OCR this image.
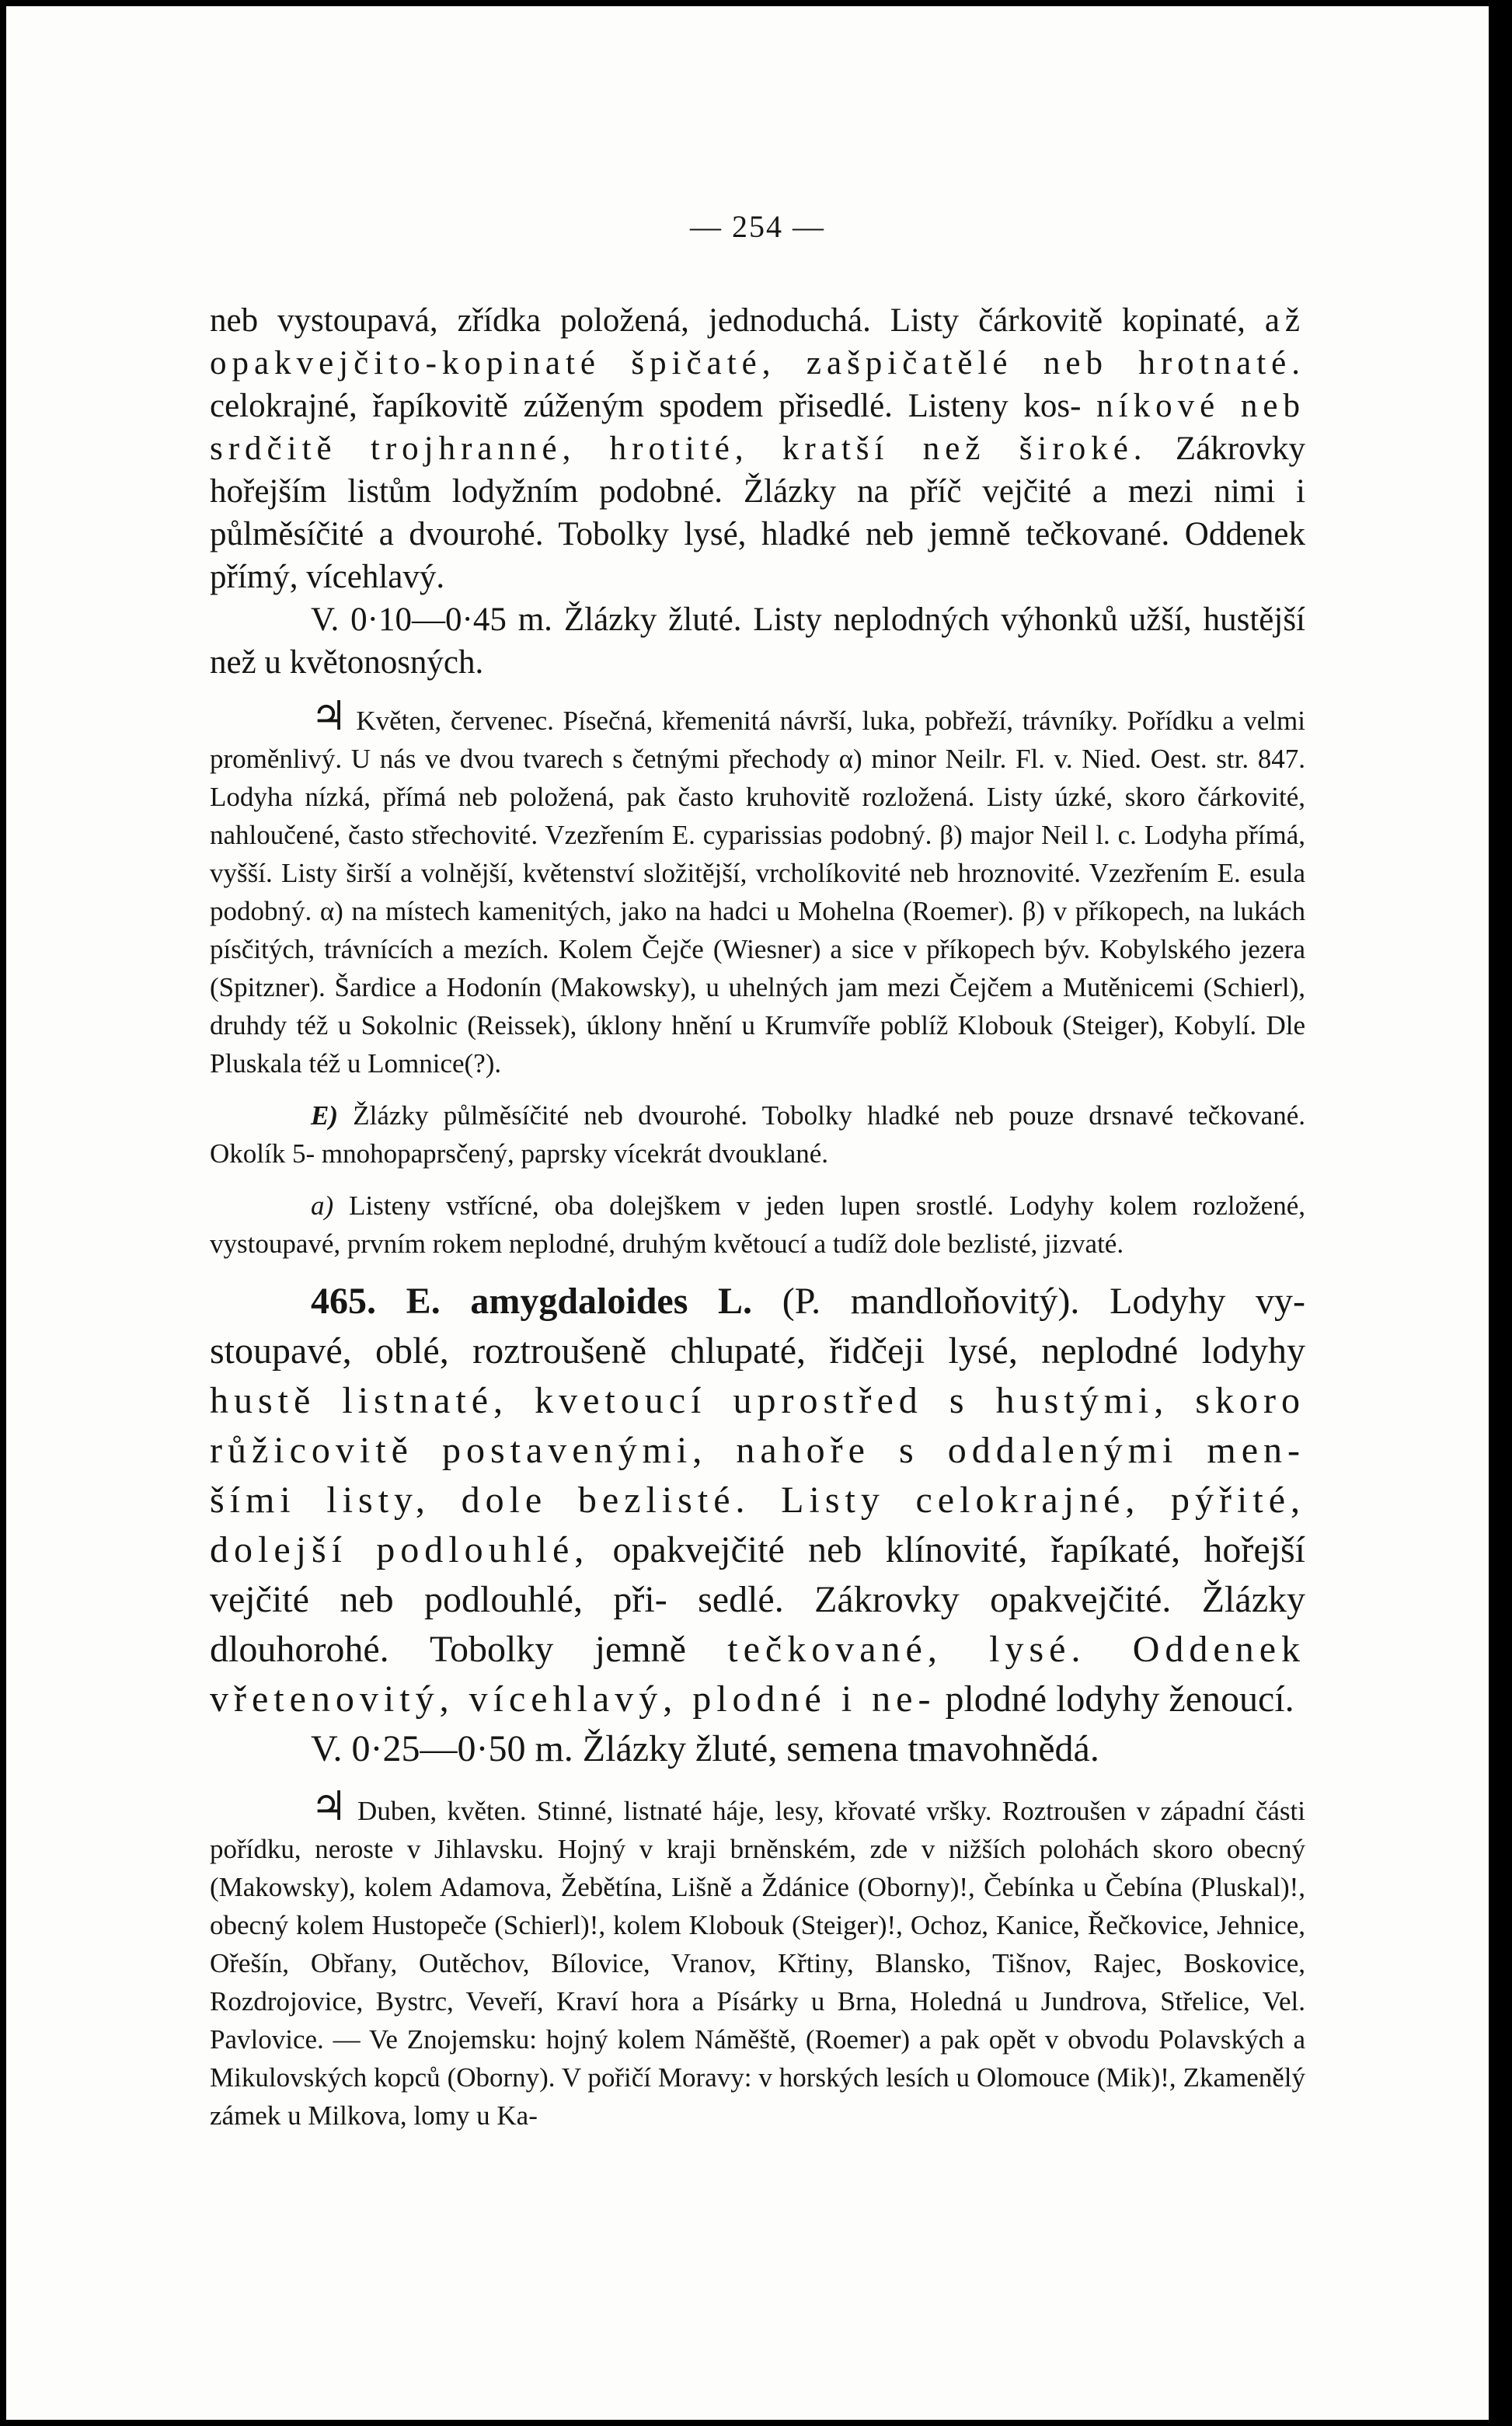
— 254 —

neb vystoupavá, zřídka položená, jednoduchá. Listy čárkovitě kopinaté, až opakvejčito-kopinaté špičaté, zašpičatělé neb hrotnaté. celokrajné, řapíkovitě zúženým spodem přisedlé. Listeny kos- níkové neb srdčitě trojhranné, hrotité, kratší než široké. Zákrovky hořejším listům lodyžním podobné. Žlázky na příč vejčité a mezi nimi i půlměsíčité a dvourohé. Tobolky lysé, hladké neb jemně tečkované. Oddenek přímý, vícehlavý.

V. 0·10—0·45 m. Žlázky žluté. Listy neplodných výhonků užší, hustější než u květonosných.

♃ Květen, červenec. Písečná, křemenitá návrší, luka, pobřeží, trávníky. Pořídku a velmi proměnlivý. U nás ve dvou tvarech s četnými přechody α) minor Neilr. Fl. v. Nied. Oest. str. 847. Lodyha nízká, přímá neb položená, pak často kruhovitě rozložená. Listy úzké, skoro čárkovité, nahloučené, často střechovité. Vzezřením E. cyparissias podobný. β) major Neil l. c. Lodyha přímá, vyšší. Listy širší a volnější, květenství složitější, vrcholíkovité neb hroznovité. Vzezřením E. esula podobný. α) na místech kamenitých, jako na hadci u Mohelna (Roemer). β) v příkopech, na lukách písčitých, trávnících a mezích. Kolem Čejče (Wiesner) a sice v příkopech býv. Kobylského jezera (Spitzner). Šardice a Hodonín (Makowsky), u uhelných jam mezi Čejčem a Mutěnicemi (Schierl), druhdy též u Sokolnic (Reissek), úklony hnění u Krumvíře poblíž Klobouk (Steiger), Kobylí. Dle Pluskala též u Lomnice(?).

E) Žlázky půlměsíčité neb dvourohé. Tobolky hladké neb pouze drsnavé tečkované. Okolík 5- mnohopaprsčený, paprsky vícekrát dvouklané.

a) Listeny vstřícné, oba dolejškem v jeden lupen srostlé. Lodyhy kolem rozložené, vystoupavé, prvním rokem neplodné, druhým květoucí a tudíž dole bezlisté, jizvaté.

465. E. amygdaloides L. (P. mandloňovitý). Lodyhy vy- stoupavé, oblé, roztroušeně chlupaté, řidčeji lysé, neplodné lodyhy hustě listnaté, kvetoucí uprostřed s hustými, skoro růžicovitě postavenými, nahoře s oddalenými men- šími listy, dole bezlisté. Listy celokrajné, pýřité, dolejší podlouhlé, opakvejčité neb klínovité, řapíkaté, hořejší vejčité neb podlouhlé, při- sedlé. Zákrovky opakvejčité. Žlázky dlouhorohé. Tobolky jemně tečkované, lysé. Oddenek vřetenovitý, vícehlavý, plodné i ne- plodné lodyhy ženoucí.

V. 0·25—0·50 m. Žlázky žluté, semena tmavohnědá.

♃ Duben, květen. Stinné, listnaté háje, lesy, křovaté vršky. Roztroušen v západní části pořídku, neroste v Jihlavsku. Hojný v kraji brněnském, zde v nižších polohách skoro obecný (Makowsky), kolem Adamova, Žebětína, Lišně a Ždánice (Oborny)!, Čebínka u Čebína (Pluskal)!, obecný kolem Hustopeče (Schierl)!, kolem Klobouk (Steiger)!, Ochoz, Kanice, Řečkovice, Jehnice, Ořešín, Obřany, Outěchov, Bílovice, Vranov, Křtiny, Blansko, Tišnov, Rajec, Boskovice, Rozdrojovice, Bystrc, Veveří, Kraví hora a Písárky u Brna, Holedná u Jundrova, Střelice, Vel. Pavlovice. — Ve Znojemsku: hojný kolem Náměště, (Roemer) a pak opět v obvodu Polavských a Mikulovských kopců (Oborny). V pořičí Moravy: v horských lesích u Olomouce (Mik)!, Zkamenělý zámek u Milkova, lomy u Ka-
